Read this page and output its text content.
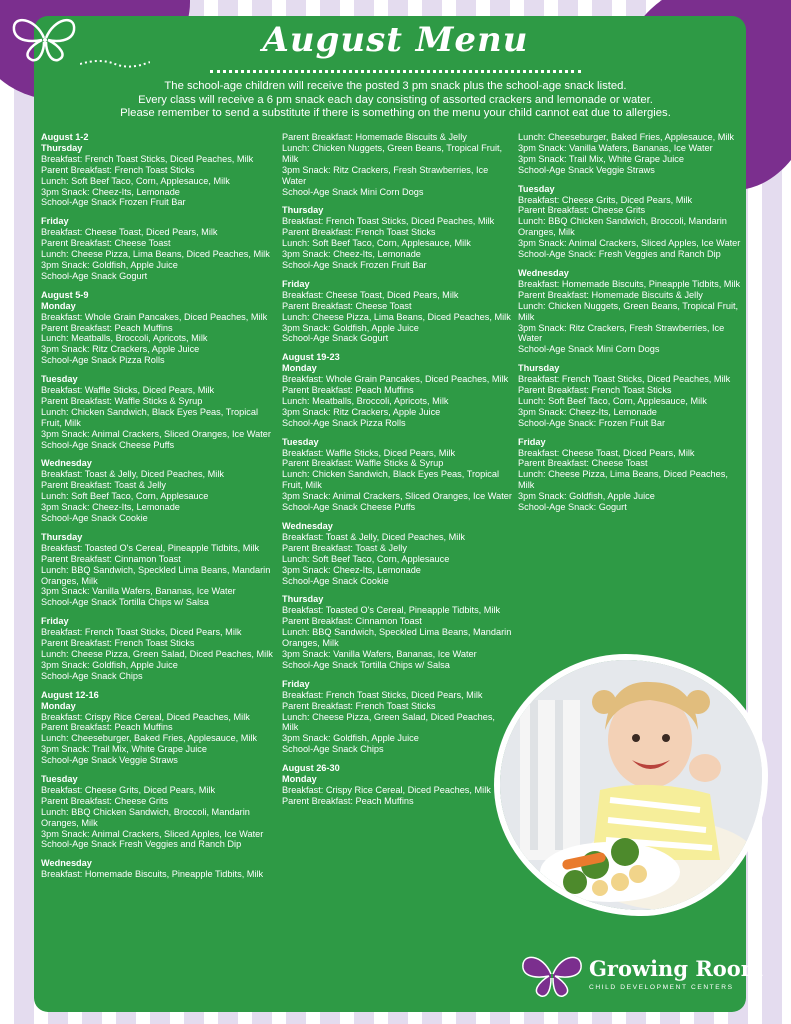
August Menu
The school-age children will receive the posted 3 pm snack plus the school-age snack listed.
Every class will receive a 6 pm snack each day consisting of assorted crackers and lemonade or water.
Please remember to send a substitute if there is something on the menu your child cannot eat due to allergies.
August 1-2
Thursday
Breakfast: French Toast Sticks, Diced Peaches, Milk
Parent Breakfast: French Toast Sticks
Lunch: Soft Beef Taco, Corn, Applesauce, Milk
3pm Snack: Cheez-Its, Lemonade
School-Age Snack Frozen Fruit Bar
Friday
Breakfast: Cheese Toast, Diced Pears, Milk
Parent Breakfast: Cheese Toast
Lunch: Cheese Pizza, Lima Beans, Diced Peaches, Milk
3pm Snack: Goldfish, Apple Juice
School-Age Snack Gogurt
August 5-9
Monday
Breakfast: Whole Grain Pancakes, Diced Peaches, Milk
Parent Breakfast: Peach Muffins
Lunch: Meatballs, Broccoli, Apricots, Milk
3pm Snack: Ritz Crackers, Apple Juice
School-Age Snack Pizza Rolls
Tuesday
Breakfast: Waffle Sticks, Diced Pears, Milk
Parent Breakfast: Waffle Sticks & Syrup
Lunch: Chicken Sandwich, Black Eyes Peas, Tropical Fruit, Milk
3pm Snack: Animal Crackers, Sliced Oranges, Ice Water
School-Age Snack Cheese Puffs
Wednesday
Breakfast: Toast & Jelly, Diced Peaches, Milk
Parent Breakfast: Toast & Jelly
Lunch: Soft Beef Taco, Corn, Applesauce
3pm Snack: Cheez-Its, Lemonade
School-Age Snack Cookie
Thursday
Breakfast: Toasted O's Cereal, Pineapple Tidbits, Milk
Parent Breakfast: Cinnamon Toast
Lunch: BBQ Sandwich, Speckled Lima Beans, Mandarin Oranges, Milk
3pm Snack: Vanilla Wafers, Bananas, Ice Water
School-Age Snack Tortilla Chips w/ Salsa
Friday
Breakfast: French Toast Sticks, Diced Pears, Milk
Parent Breakfast: French Toast Sticks
Lunch: Cheese Pizza, Green Salad, Diced Peaches, Milk
3pm Snack: Goldfish, Apple Juice
School-Age Snack Chips
August 12-16
Monday
Breakfast: Crispy Rice Cereal, Diced Peaches, Milk
Parent Breakfast: Peach Muffins
Lunch: Cheeseburger, Baked Fries, Applesauce, Milk
3pm Snack: Trail Mix, White Grape Juice
School-Age Snack Veggie Straws
Tuesday
Breakfast: Cheese Grits, Diced Pears, Milk
Parent Breakfast: Cheese Grits
Lunch: BBQ Chicken Sandwich, Broccoli, Mandarin Oranges, Milk
3pm Snack: Animal Crackers, Sliced Apples, Ice Water
School-Age Snack Fresh Veggies and Ranch Dip
Wednesday
Breakfast: Homemade Biscuits, Pineapple Tidbits, Milk
Parent Breakfast: Homemade Biscuits & Jelly
Lunch: Chicken Nuggets, Green Beans, Tropical Fruit, Milk
3pm Snack: Ritz Crackers, Fresh Strawberries, Ice Water
School-Age Snack Mini Corn Dogs
Thursday
Breakfast: French Toast Sticks, Diced Peaches, Milk
Parent Breakfast: French Toast Sticks
Lunch: Soft Beef Taco, Corn, Applesauce, Milk
3pm Snack: Cheez-Its, Lemonade
School-Age Snack Frozen Fruit Bar
Friday
Breakfast: Cheese Toast, Diced Pears, Milk
Parent Breakfast: Cheese Toast
Lunch: Cheese Pizza, Lima Beans, Diced Peaches, Milk
3pm Snack: Goldfish, Apple Juice
School-Age Snack Gogurt
August 19-23
Monday
Breakfast: Whole Grain Pancakes, Diced Peaches, Milk
Parent Breakfast: Peach Muffins
Lunch: Meatballs, Broccoli, Apricots, Milk
3pm Snack: Ritz Crackers, Apple Juice
School-Age Snack Pizza Rolls
Tuesday
Breakfast: Waffle Sticks, Diced Pears, Milk
Parent Breakfast: Waffle Sticks & Syrup
Lunch: Chicken Sandwich, Black Eyes Peas, Tropical Fruit, Milk
3pm Snack: Animal Crackers, Sliced Oranges, Ice Water
School-Age Snack Cheese Puffs
Wednesday
Breakfast: Toast & Jelly, Diced Peaches, Milk
Parent Breakfast: Toast & Jelly
Lunch: Soft Beef Taco, Corn, Applesauce
3pm Snack: Cheez-Its, Lemonade
School-Age Snack Cookie
Thursday
Breakfast: Toasted O's Cereal, Pineapple Tidbits, Milk
Parent Breakfast: Cinnamon Toast
Lunch: BBQ Sandwich, Speckled Lima Beans, Mandarin Oranges, Milk
3pm Snack: Vanilla Wafers, Bananas, Ice Water
School-Age Snack Tortilla Chips w/ Salsa
Friday
Breakfast: French Toast Sticks, Diced Pears, Milk
Parent Breakfast: French Toast Sticks
Lunch: Cheese Pizza, Green Salad, Diced Peaches, Milk
3pm Snack: Goldfish, Apple Juice
School-Age Snack Chips
August 26-30
Monday
Breakfast: Crispy Rice Cereal, Diced Peaches, Milk
Parent Breakfast: Peach Muffins
Lunch: Cheeseburger, Baked Fries, Applesauce, Milk
3pm Snack: Vanilla Wafers, Bananas, Ice Water
3pm Snack: Trail Mix, White Grape Juice
School-Age Snack Veggie Straws
Tuesday
Breakfast: Cheese Grits, Diced Pears, Milk
Parent Breakfast: Cheese Grits
Lunch: BBQ Chicken Sandwich, Broccoli, Mandarin Oranges, Milk
3pm Snack: Animal Crackers, Sliced Apples, Ice Water
School-Age Snack: Fresh Veggies and Ranch Dip
Wednesday
Breakfast: Homemade Biscuits, Pineapple Tidbits, Milk
Parent Breakfast: Homemade Biscuits & Jelly
Lunch: Chicken Nuggets, Green Beans, Tropical Fruit, Milk
3pm Snack: Ritz Crackers, Fresh Strawberries, Ice Water
School-Age Snack Mini Corn Dogs
Thursday
Breakfast: French Toast Sticks, Diced Peaches, Milk
Parent Breakfast: French Toast Sticks
Lunch: Soft Beef Taco, Corn, Applesauce, Milk
3pm Snack: Cheez-Its, Lemonade
School-Age Snack: Frozen Fruit Bar
Friday
Breakfast: Cheese Toast, Diced Pears, Milk
Parent Breakfast: Cheese Toast
Lunch: Cheese Pizza, Lima Beans, Diced Peaches, Milk
3pm Snack: Goldfish, Apple Juice
School-Age Snack: Gogurt
Growing Room
CHILD DEVELOPMENT CENTERS
